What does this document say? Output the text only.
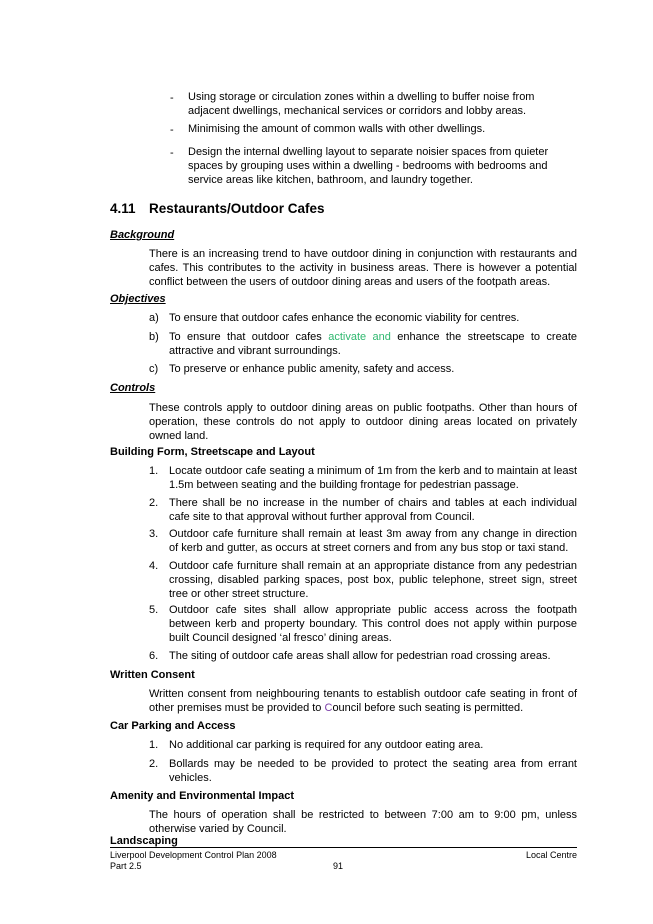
- Using storage or circulation zones within a dwelling to buffer noise from adjacent dwellings, mechanical services or corridors and lobby areas.
- Minimising the amount of common walls with other dwellings.
- Design the internal dwelling layout to separate noisier spaces from quieter spaces by grouping uses within a dwelling - bedrooms with bedrooms and service areas like kitchen, bathroom, and laundry together.
4.11 Restaurants/Outdoor Cafes
Background
There is an increasing trend to have outdoor dining in conjunction with restaurants and cafes. This contributes to the activity in business areas. There is however a potential conflict between the users of outdoor dining areas and users of the footpath areas.
Objectives
a) To ensure that outdoor cafes enhance the economic viability for centres.
b) To ensure that outdoor cafes activate and enhance the streetscape to create attractive and vibrant surroundings.
c) To preserve or enhance public amenity, safety and access.
Controls
These controls apply to outdoor dining areas on public footpaths. Other than hours of operation, these controls do not apply to outdoor dining areas located on privately owned land.
Building Form, Streetscape and Layout
1. Locate outdoor cafe seating a minimum of 1m from the kerb and to maintain at least 1.5m between seating and the building frontage for pedestrian passage.
2. There shall be no increase in the number of chairs and tables at each individual cafe site to that approval without further approval from Council.
3. Outdoor cafe furniture shall remain at least 3m away from any change in direction of kerb and gutter, as occurs at street corners and from any bus stop or taxi stand.
4. Outdoor cafe furniture shall remain at an appropriate distance from any pedestrian crossing, disabled parking spaces, post box, public telephone, street sign, street tree or other street structure.
5. Outdoor cafe sites shall allow appropriate public access across the footpath between kerb and property boundary. This control does not apply within purpose built Council designed ‘al fresco’ dining areas.
6. The siting of outdoor cafe areas shall allow for pedestrian road crossing areas.
Written Consent
Written consent from neighbouring tenants to establish outdoor cafe seating in front of other premises must be provided to Council before such seating is permitted.
Car Parking and Access
1. No additional car parking is required for any outdoor eating area.
2. Bollards may be needed to be provided to protect the seating area from errant vehicles.
Amenity and Environmental Impact
The hours of operation shall be restricted to between 7:00 am to 9:00 pm, unless otherwise varied by Council.
Landscaping
Liverpool Development Control Plan 2008
Part 2.5	91
Local Centre
